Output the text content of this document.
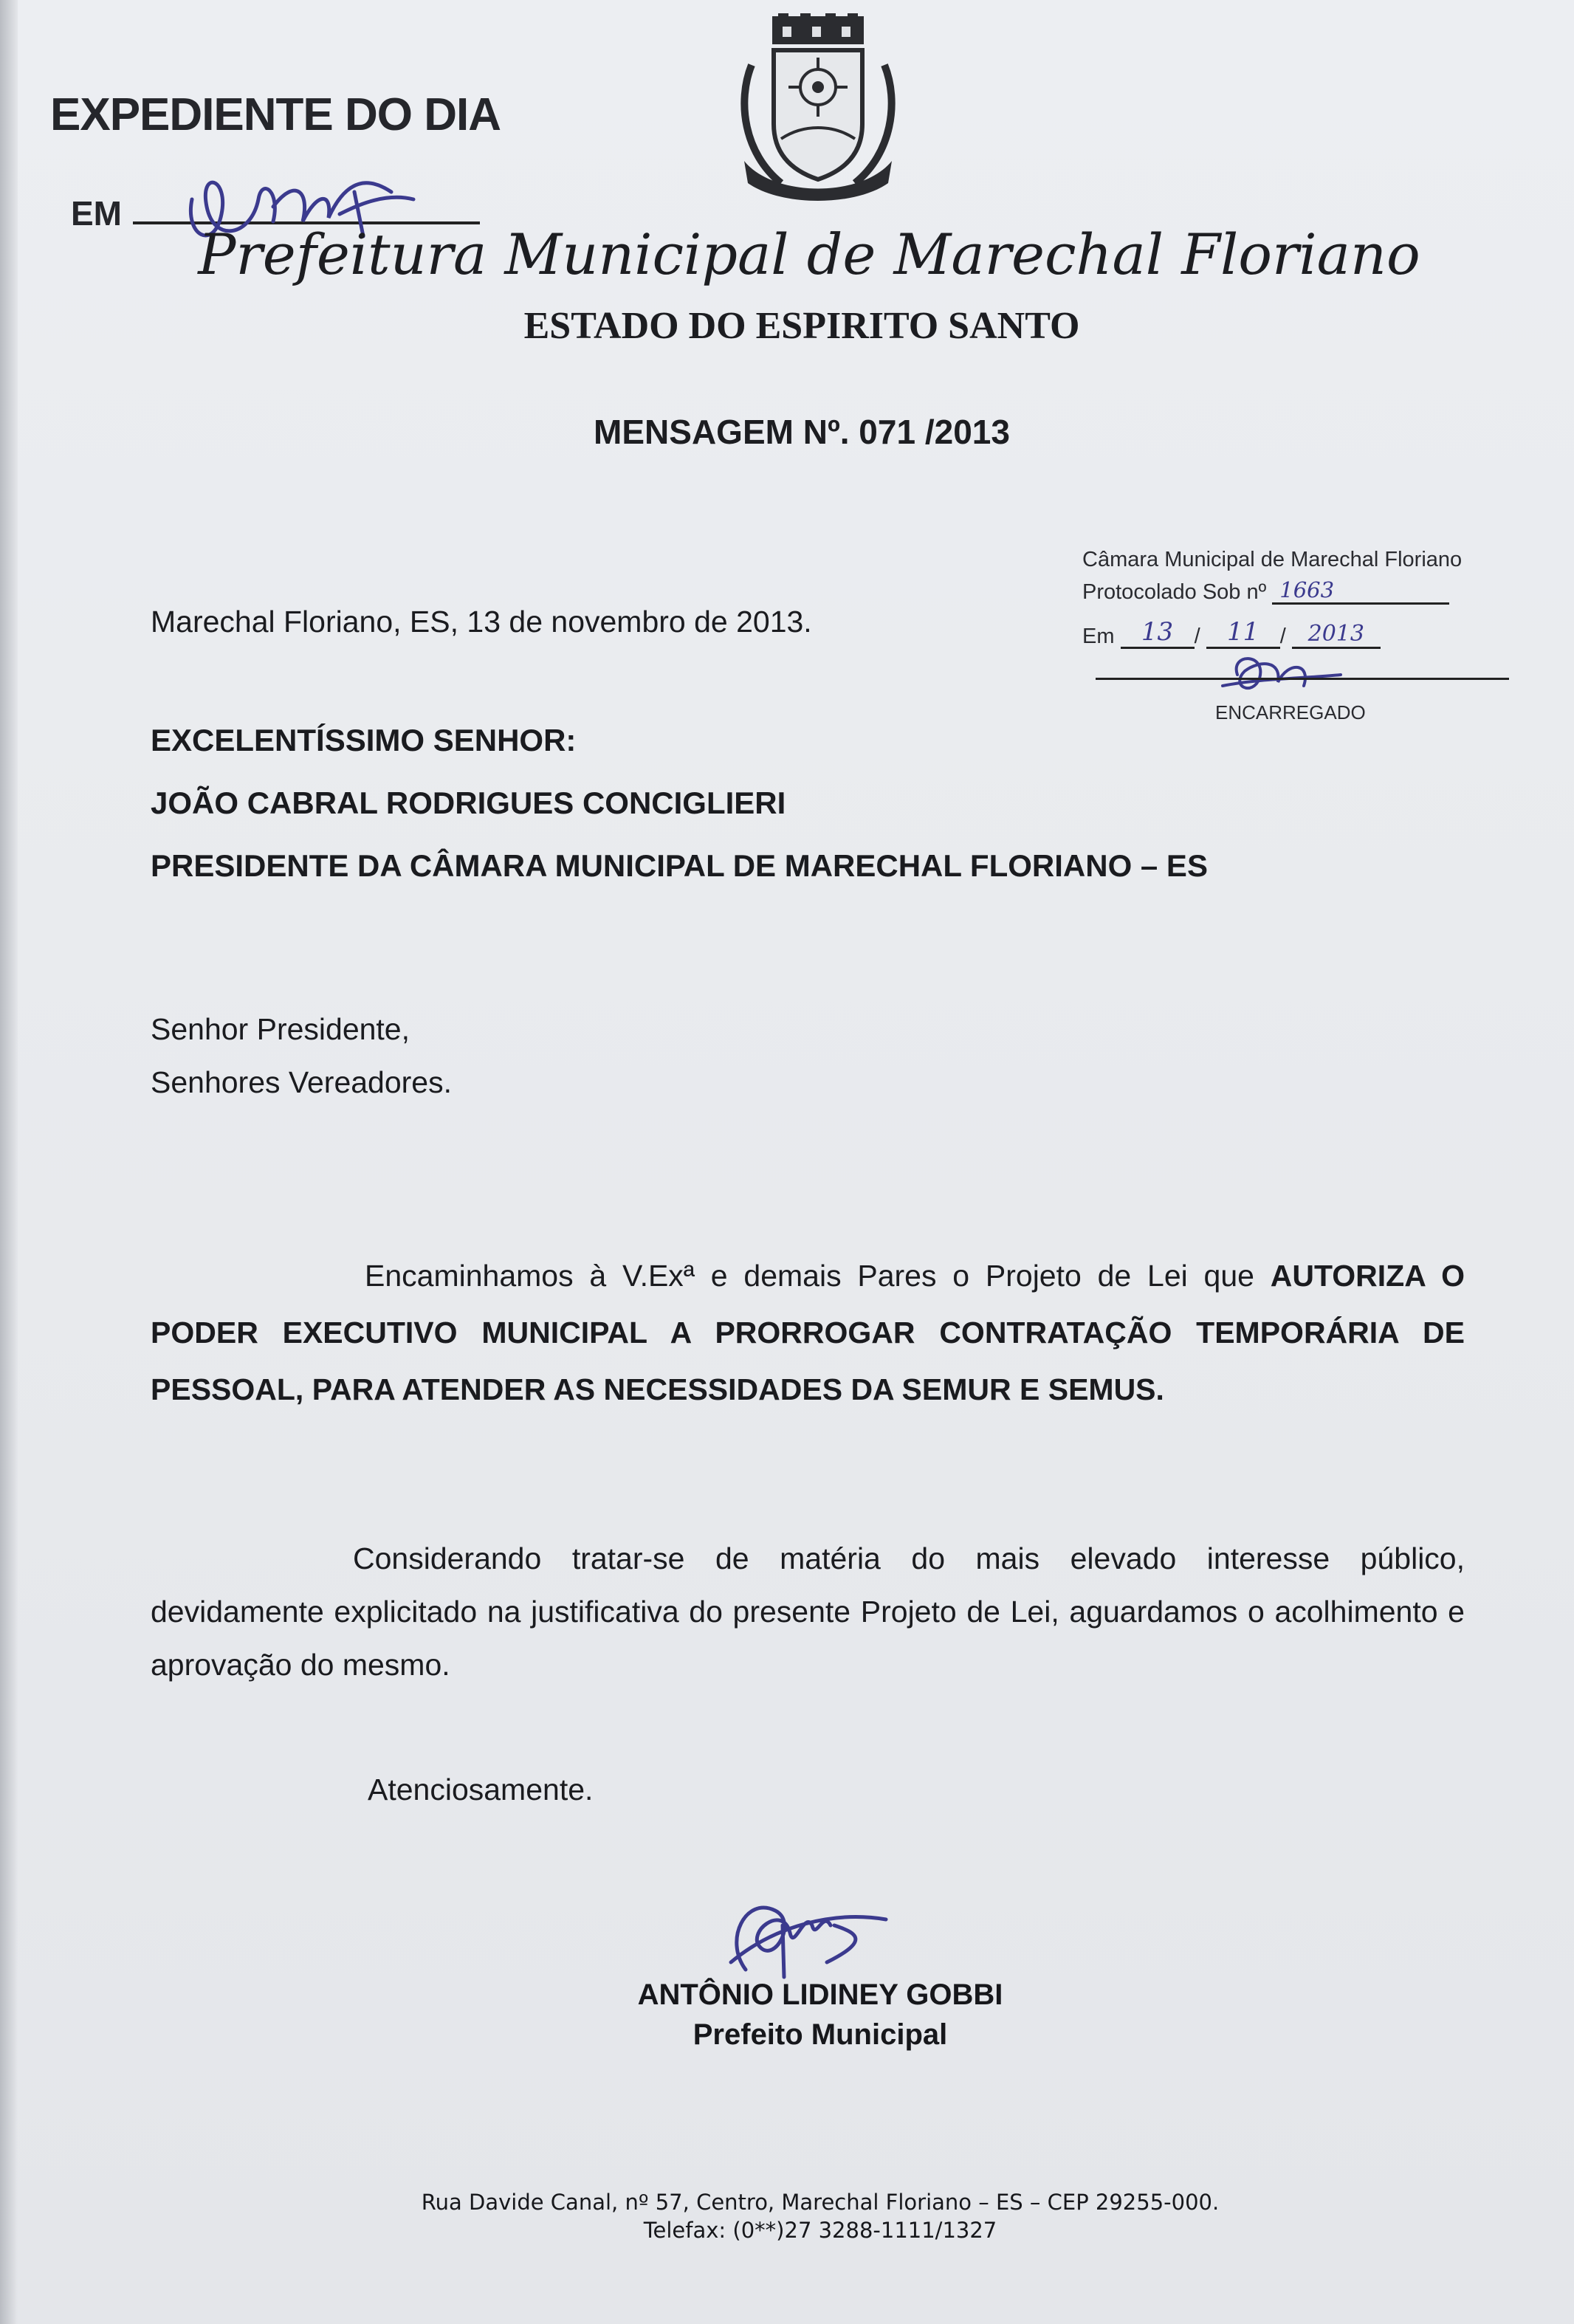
EXPEDIENTE DO DIA
EM
Prefeitura Municipal de Marechal Floriano
ESTADO DO ESPIRITO SANTO
MENSAGEM Nº. 071 /2013
Câmara Municipal de Marechal Floriano
Protocolado Sob nº 1663
Em 13 / 11 / 2013
ENCARREGADO
Marechal Floriano, ES, 13 de novembro de 2013.
EXCELENTÍSSIMO SENHOR:
JOÃO CABRAL RODRIGUES CONCIGLIERI
PRESIDENTE DA CÂMARA MUNICIPAL DE MARECHAL FLORIANO – ES
Senhor Presidente,
Senhores Vereadores.
Encaminhamos à V.Exª e demais Pares o Projeto de Lei que AUTORIZA O PODER EXECUTIVO MUNICIPAL A PRORROGAR CONTRATAÇÃO TEMPORÁRIA DE PESSOAL, PARA ATENDER AS NECESSIDADES DA SEMUR E SEMUS.
Considerando tratar-se de matéria do mais elevado interesse público, devidamente explicitado na justificativa do presente Projeto de Lei, aguardamos o acolhimento e aprovação do mesmo.
Atenciosamente.
ANTÔNIO LIDINEY GOBBI
Prefeito Municipal
Rua Davide Canal, nº 57, Centro, Marechal Floriano – ES – CEP 29255-000.
Telefax: (0**)27 3288-1111/1327
